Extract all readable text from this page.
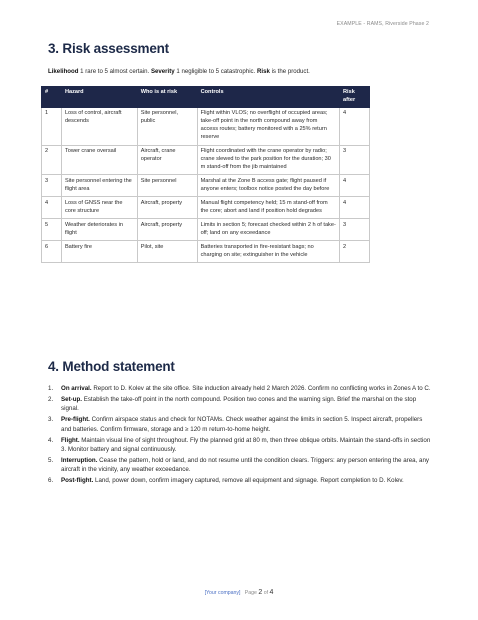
EXAMPLE - RAMS, Riverside Phase 2
3. Risk assessment

Likelihood 1 rare to 5 almost certain. Severity 1 negligible to 5 catastrophic. Risk is the product.

#	Hazard	Who is at risk	Controls	Risk after
1	Loss of control, aircraft descends	Site personnel, public	Flight within VLOS; no overflight of occupied areas; take-off point in the north compound away from access routes; battery monitored with a 25% return reserve	4
2	Tower crane oversail	Aircraft, crane operator	Flight coordinated with the crane operator by radio; crane slewed to the park position for the duration; 30 m stand-off from the jib maintained	3
3	Site personnel entering the flight area	Site personnel	Marshal at the Zone B access gate; flight paused if anyone enters; toolbox notice posted the day before	4
4	Loss of GNSS near the core structure	Aircraft, property	Manual flight competency held; 15 m stand-off from the core; abort and land if position hold degrades	4
5	Weather deteriorates in flight	Aircraft, property	Limits in section 5; forecast checked within 2 h of take-off; land on any exceedance	3
6	Battery fire	Pilot, site	Batteries transported in fire-resistant bags; no charging on site; extinguisher in the vehicle	2
4. Method statement
1. On arrival. Report to D. Kolev at the site office. Site induction already held 2 March 2026. Confirm no conflicting works in Zones A to C.
2. Set-up. Establish the take-off point in the north compound. Position two cones and the warning sign. Brief the marshal on the stop signal.
3. Pre-flight. Confirm airspace status and check for NOTAMs. Check weather against the limits in section 5. Inspect aircraft, propellers and batteries. Confirm firmware, storage and ≥ 120 m return-to-home height.
4. Flight. Maintain visual line of sight throughout. Fly the planned grid at 80 m, then three oblique orbits. Maintain the stand-offs in section 3. Monitor battery and signal continuously.
5. Interruption. Cease the pattern, hold or land, and do not resume until the condition clears. Triggers: any person entering the area, any aircraft in the vicinity, any weather exceedance.
6. Post-flight. Land, power down, confirm imagery captured, remove all equipment and signage. Report completion to D. Kolev.
[Your company] Page 2 of 4
